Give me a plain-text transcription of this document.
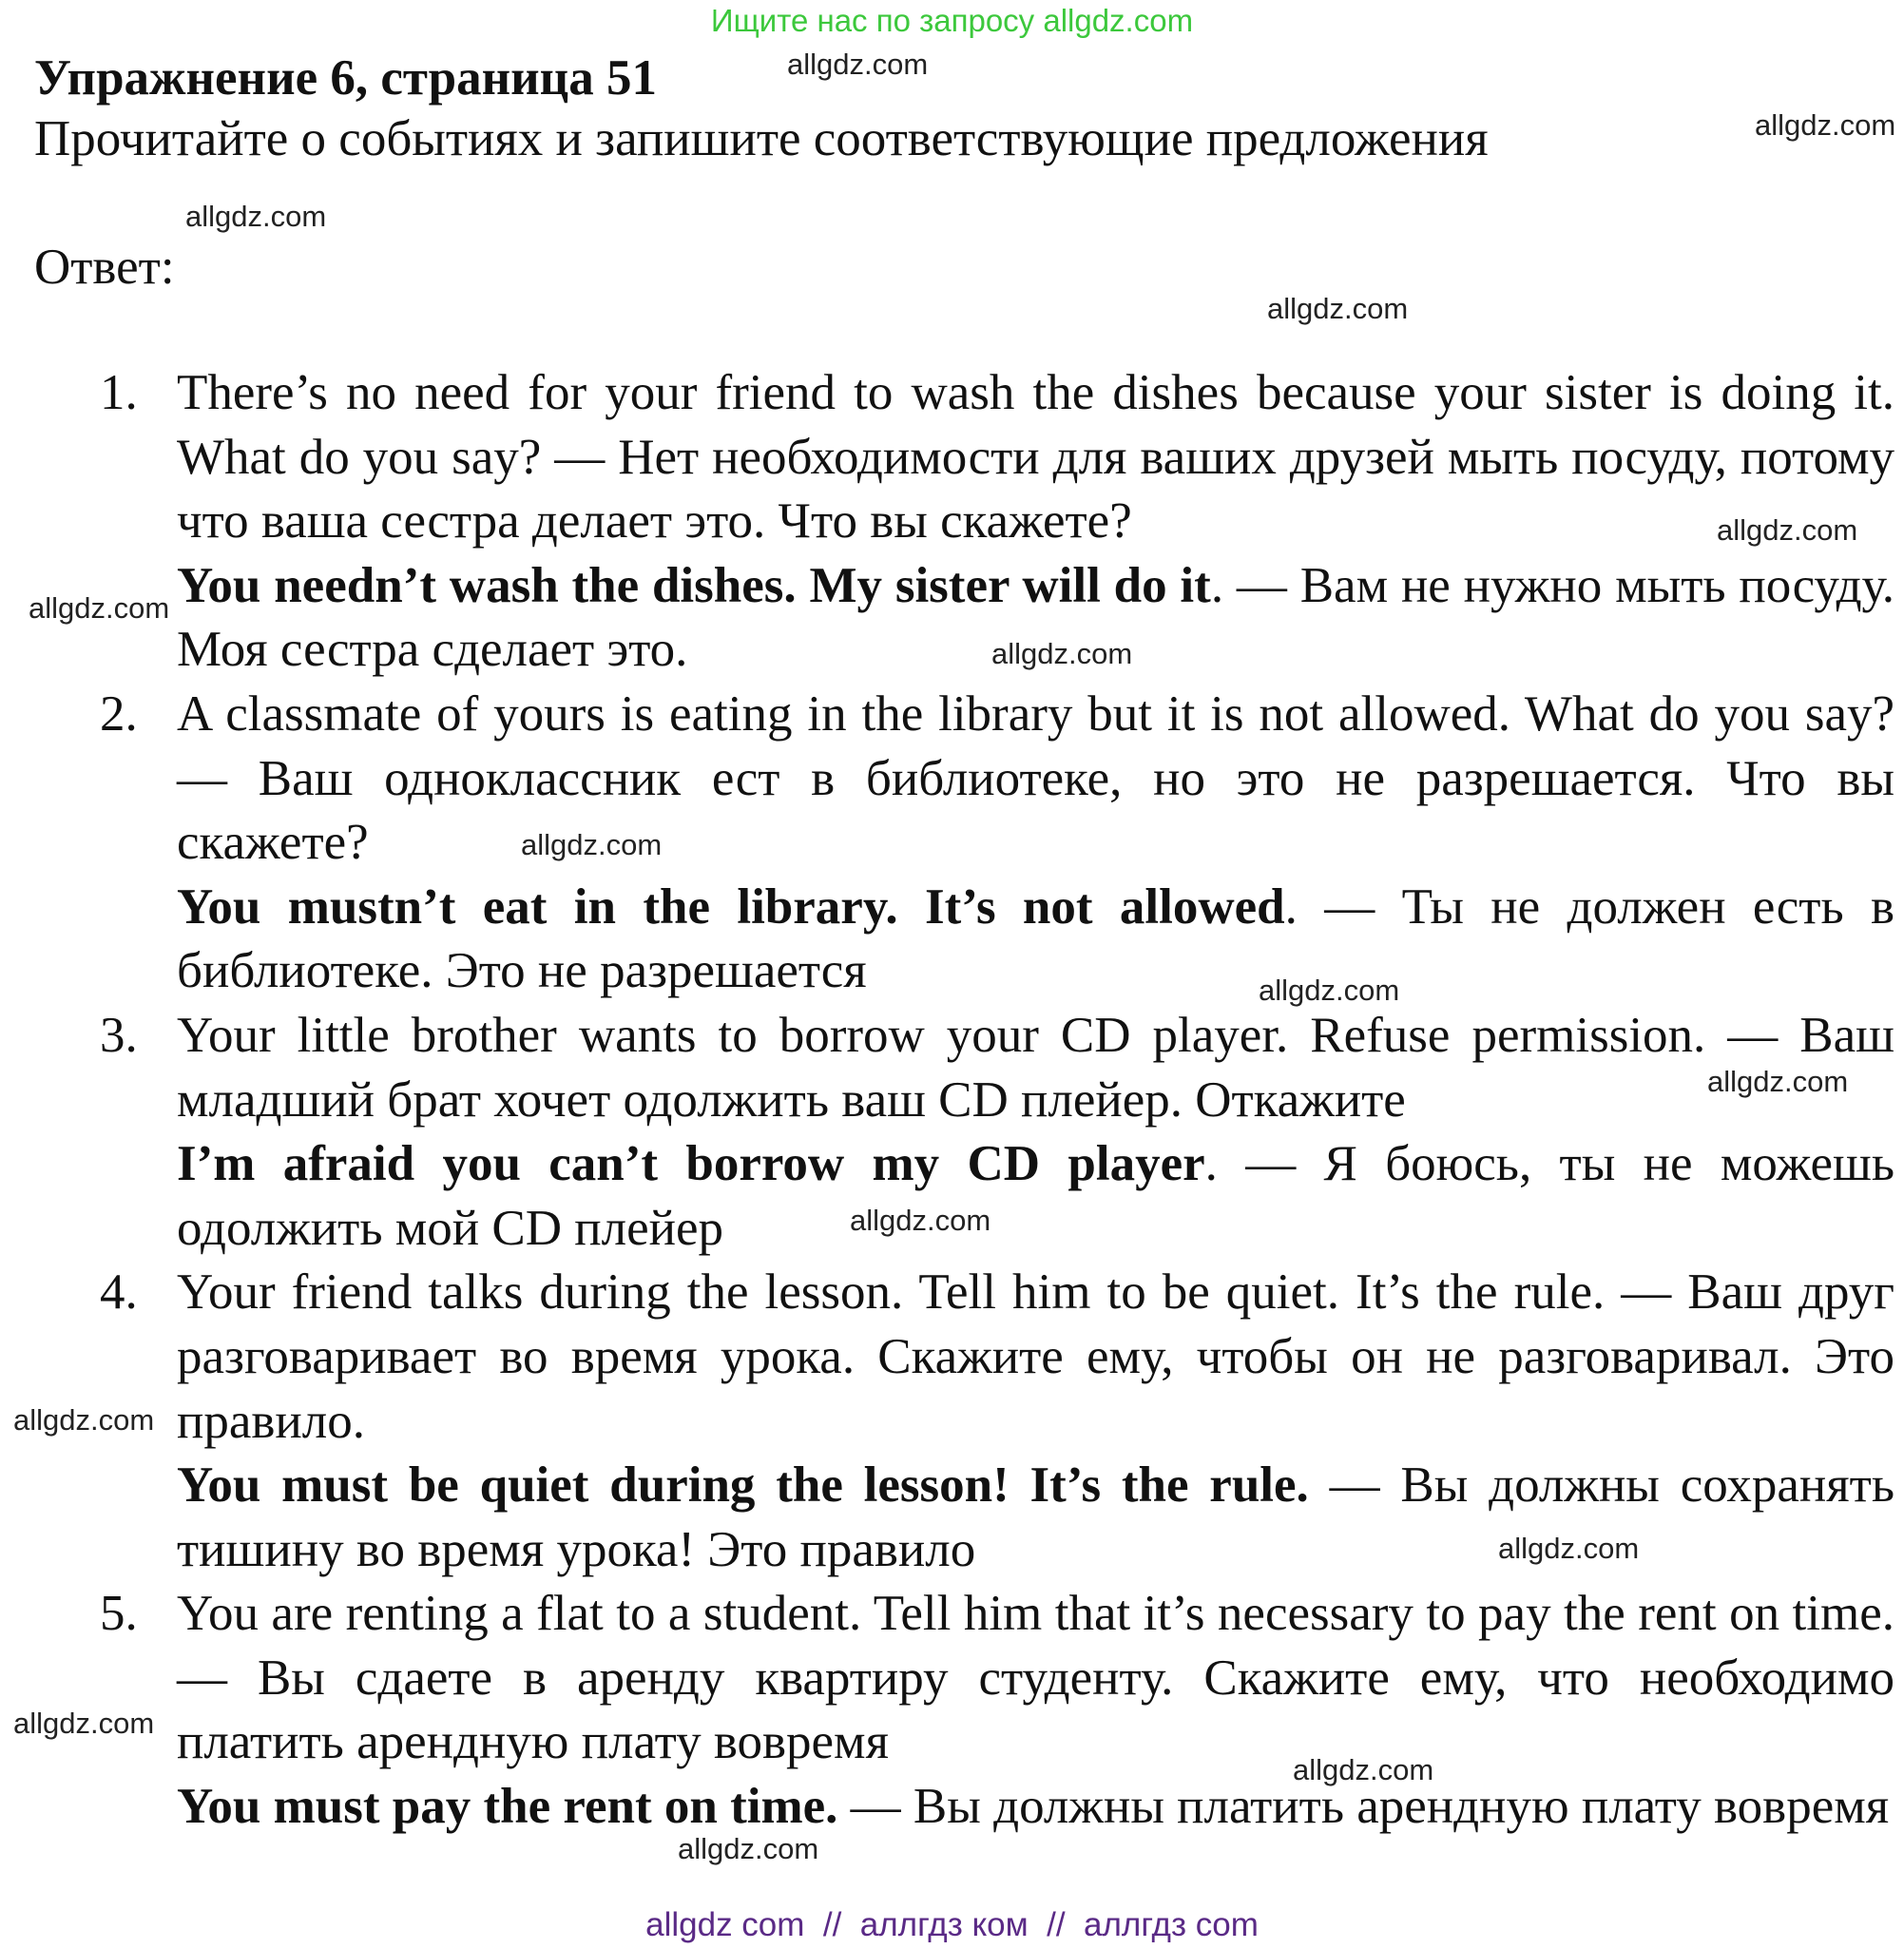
Ищите нас по запросу allgdz.com
Упражнение 6, страница 51
Прочитайте о событиях и запишите соответствующие предложения
Ответ:
1. There’s no need for your friend to wash the dishes because your sister is doing it. What do you say? — Нет необходимости для ваших друзей мыть посуду, потому что ваша сестра делает это. Что вы скажете?
You needn’t wash the dishes. My sister will do it. — Вам не нужно мыть посуду. Моя сестра сделает это.
2. A classmate of yours is eating in the library but it is not allowed. What do you say? — Ваш одноклассник ест в библиотеке, но это не разрешается. Что вы скажете?
You mustn’t eat in the library. It’s not allowed. — Ты не должен есть в библиотеке. Это не разрешается
3. Your little brother wants to borrow your CD player. Refuse permission. — Ваш младший брат хочет одолжить ваш CD плейер. Откажите
I’m afraid you can’t borrow my CD player. — Я боюсь, ты не можешь одолжить мой CD плейер
4. Your friend talks during the lesson. Tell him to be quiet. It’s the rule. — Ваш друг разговаривает во время урока. Скажите ему, чтобы он не разговаривал. Это правило.
You must be quiet during the lesson! It’s the rule. — Вы должны сохранять тишину во время урока! Это правило
5. You are renting a flat to a student. Tell him that it’s necessary to pay the rent on time. — Вы сдаете в аренду квартиру студенту. Скажите ему, что необходимо платить арендную плату вовремя
You must pay the rent on time. — Вы должны платить арендную плату вовремя
allgdz.com
allgdz.com
allgdz.com
allgdz.com
allgdz.com
allgdz.com
allgdz.com
allgdz.com
allgdz.com
allgdz.com
allgdz.com
allgdz.com
allgdz.com
allgdz.com
allgdz.com
allgdz.com
allgdz com  //  аллгдз ком  //  аллгдз com
